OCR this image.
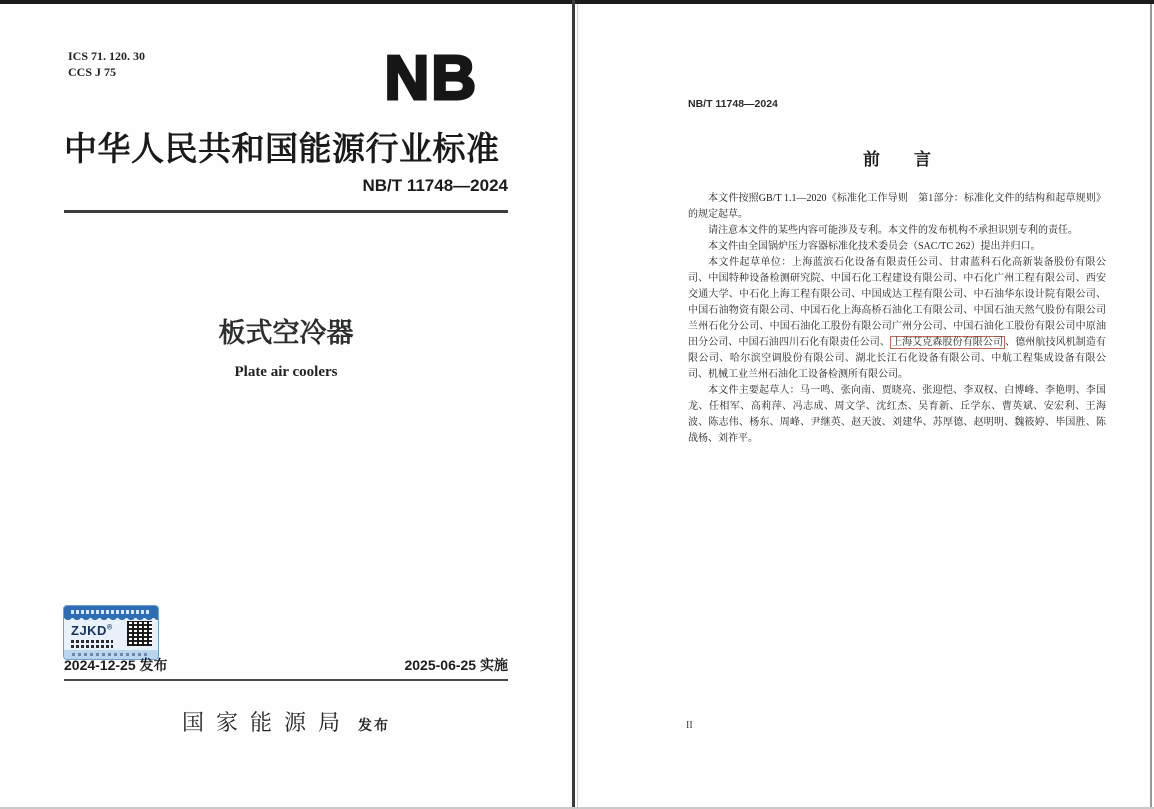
ICS 71. 120. 30
CCS J 75	NB
中华人民共和国能源行业标准
NB/T 11748—2024
板式空冷器
Plate air coolers
ZJKD®
2024-12-25 发布	2025-06-25 实施
国家能源局 发布
NB/T 11748—2024
前　　言

本文件按照GB/T 1.1—2020《标准化工作导则　第1部分：标准化文件的结构和起草规则》的规定起草。

请注意本文件的某些内容可能涉及专利。本文件的发布机构不承担识别专利的责任。

本文件由全国锅炉压力容器标准化技术委员会（SAC/TC 262）提出并归口。

本文件起草单位：上海蓝滨石化设备有限责任公司、甘肃蓝科石化高新装备股份有限公司、中国特种设备检测研究院、中国石化工程建设有限公司、中石化广州工程有限公司、西安交通大学、中石化上海工程有限公司、中国成达工程有限公司、中石油华东设计院有限公司、中国石油物资有限公司、中国石化上海高桥石油化工有限公司、中国石油天然气股份有限公司兰州石化分公司、中国石油化工股份有限公司广州分公司、中国石油化工股份有限公司中原油田分公司、中国石油四川石化有限责任公司、 上海艾克森股份有限公司 、德州航技风机制造有限公司、哈尔滨空调股份有限公司、湖北长江石化设备有限公司、中航工程集成设备有限公司、机械工业兰州石油化工设备检测所有限公司。

本文件主要起草人：马一鸣、张向南、贾晓亮、张迎恺、李双权、白博峰、李艳明、李国龙、任相军、高莉萍、冯志成、周文学、沈红杰、吴育新、丘学东、曹英斌、安宏利、王海波、陈志伟、杨东、周峰、尹继英、赵天波、刘建华、苏厚德、赵明明、魏筱婷、毕国胜、陈战杨、刘祚平。

II
